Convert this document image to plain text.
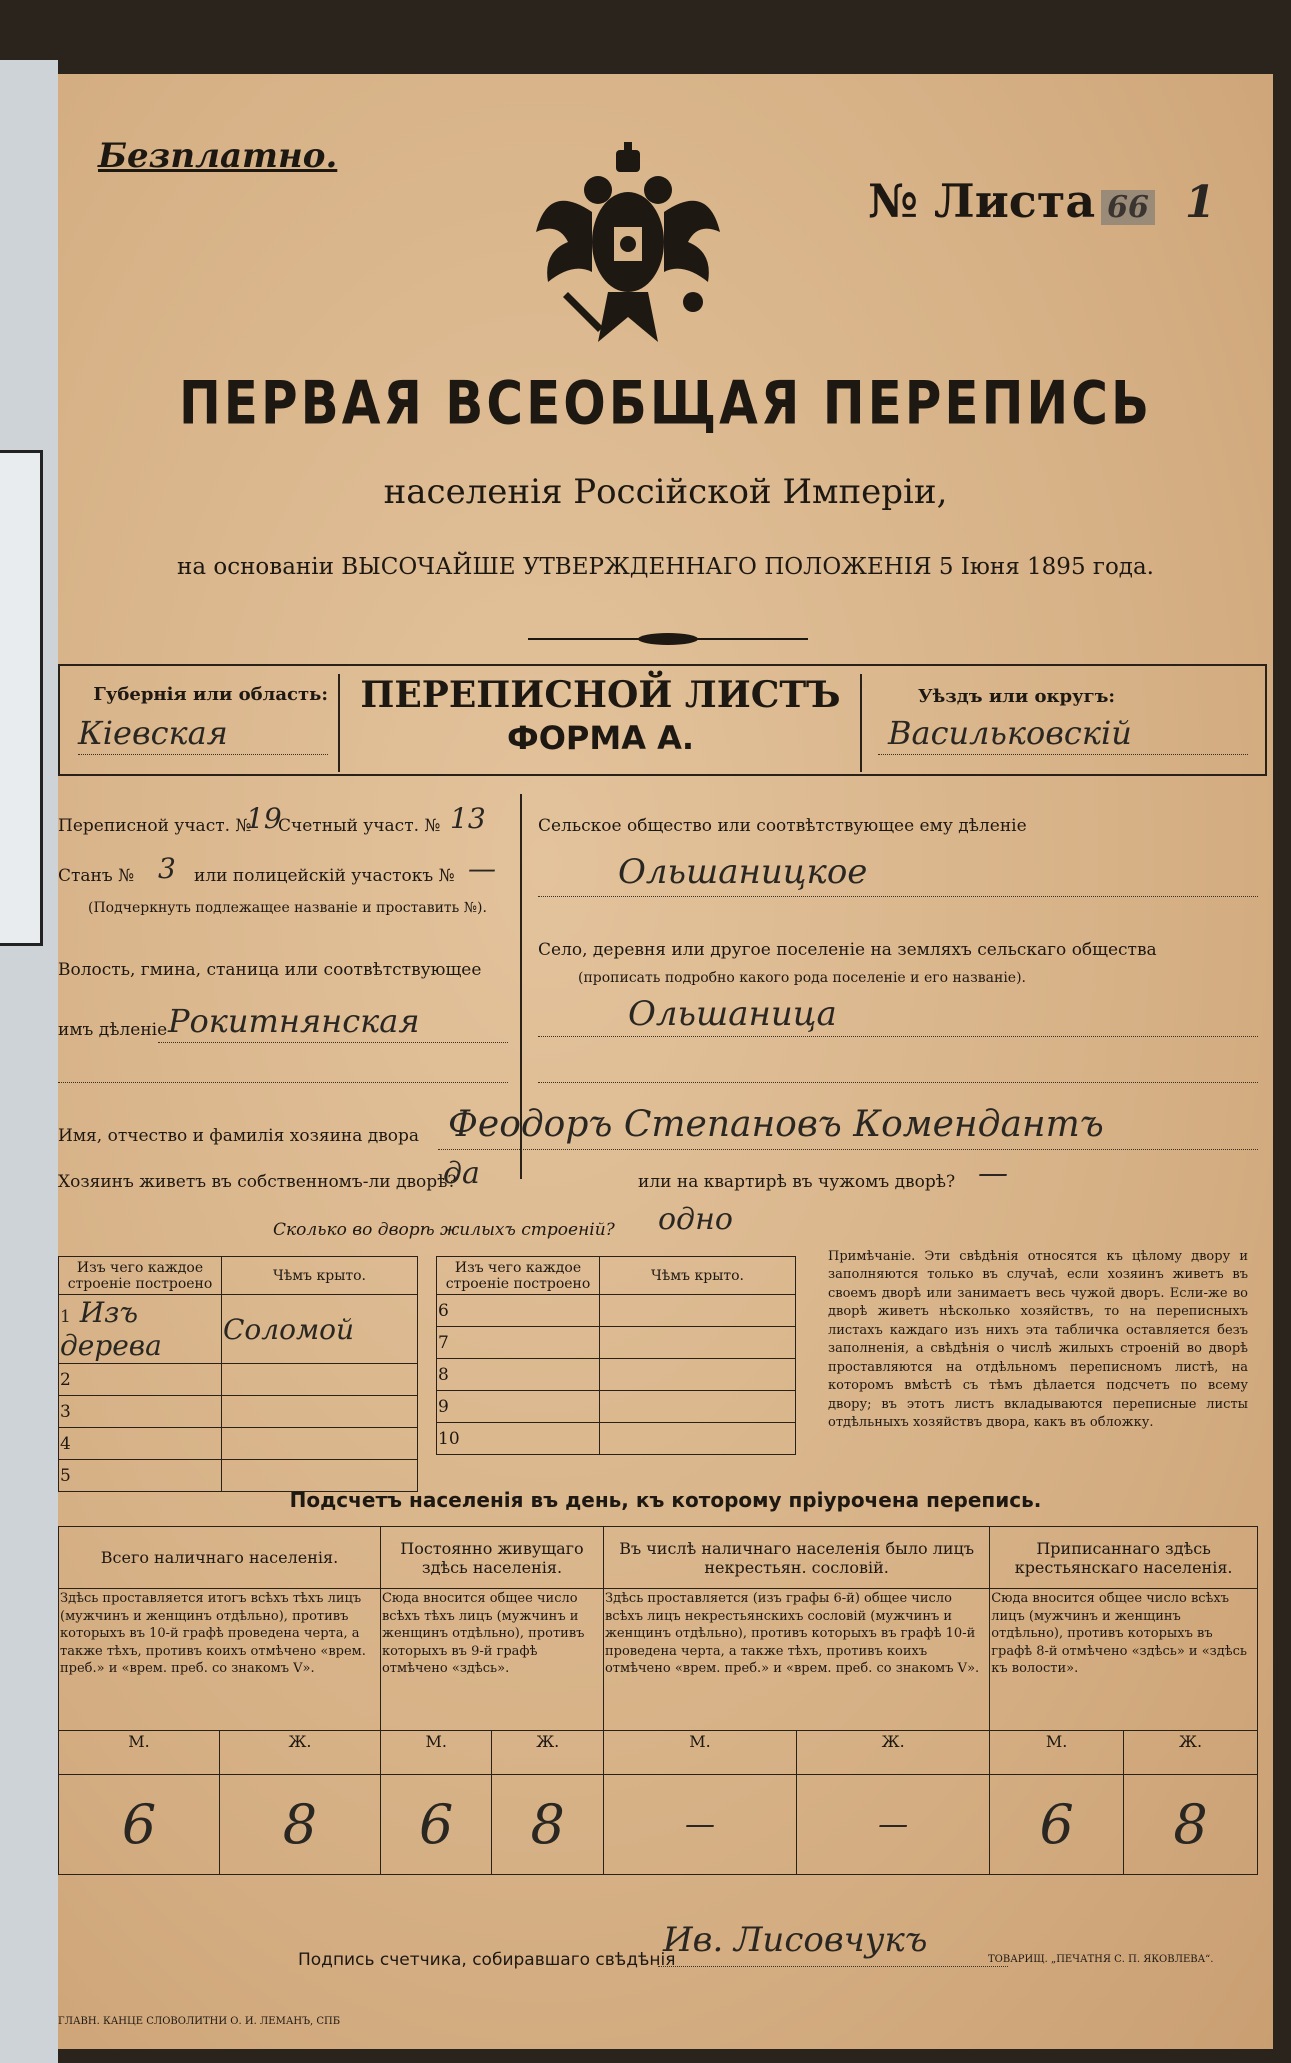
Безплатно.
№ Листа 66 1
ПЕРВАЯ ВСЕОБЩАЯ ПЕРЕПИСЬ
населенія Россійской Имперіи,
на основаніи ВЫСОЧАЙШЕ УТВЕРЖДЕННАГО ПОЛОЖЕНІЯ 5 Іюня 1895 года.
Губернія или область:
Кіевская
ПЕРЕПИСНОЙ ЛИСТЪ
ФОРМА А.
Уѣздъ или округъ:
Васильковскій
Переписной участ. №
19
Счетный участ. № 13
Станъ № 3 или полицейскій участокъ № —
(Подчеркнуть подлежащее названіе и проставить №).
Волость, гмина, станица или соотвѣтствующее
имъ дѣленіе Рокитнянская
Сельское общество или соотвѣтствующее ему дѣленіе
Ольшаницкое
Село, деревня или другое поселеніе на земляхъ сельскаго общества
(прописать подробно какого рода поселеніе и его названіе).
Ольшаница
Имя, отчество и фамилія хозяина двора Феодоръ Степановъ Комендантъ
Хозяинъ живетъ въ собственномъ-ли дворѣ?
да	или на квартирѣ въ чужомъ дворѣ? —
Сколько во дворѣ жилыхъ строеній? одно
Изъ чего каждое строеніе построено	Чѣмъ крыто.
1 Изъ дерева	Соломой
2	
3	
4	
5	
Изъ чего каждое строеніе построено	Чѣмъ крыто.
6	
7	
8	
9	
10	
Примѣчаніе. Эти свѣдѣнія относятся къ цѣлому двору и заполняются только въ случаѣ, если хозяинъ живетъ въ своемъ дворѣ или занимаетъ весь чужой дворъ. Если-же во дворѣ живетъ нѣсколько хозяйствъ, то на переписныхъ листахъ каждаго изъ нихъ эта табличка оставляется безъ заполненія, а свѣдѣнія о числѣ жилыхъ строеній во дворѣ проставляются на отдѣльномъ переписномъ листѣ, на которомъ вмѣстѣ съ тѣмъ дѣлается подсчетъ по всему двору; въ этотъ листъ вкладываются переписные листы отдѣльныхъ хозяйствъ двора, какъ въ обложку.
Подсчетъ населенія въ день, къ которому пріурочена перепись.
Всего наличнаго населенія.		Постоянно живущаго здѣсь населенія.		Въ числѣ наличнаго населенія было лицъ некрестьян. сословій.		Приписаннаго здѣсь крестьянскаго населенія.	
Здѣсь проставляется итогъ всѣхъ тѣхъ лицъ (мужчинъ и женщинъ отдѣльно), противъ которыхъ въ 10-й графѣ проведена черта, а также тѣхъ, противъ коихъ отмѣчено «врем. преб.» и «врем. преб. со знакомъ V».		Сюда вносится общее число всѣхъ тѣхъ лицъ (мужчинъ и женщинъ отдѣльно), противъ которыхъ въ 9-й графѣ отмѣчено «здѣсь».		Здѣсь проставляется (изъ графы 6-й) общее число всѣхъ лицъ некрестьянскихъ сословій (мужчинъ и женщинъ отдѣльно), противъ которыхъ въ графѣ 10-й проведена черта, а также тѣхъ, противъ коихъ отмѣчено «врем. преб.» и «врем. преб. со знакомъ V».		Сюда вносится общее число всѣхъ лицъ (мужчинъ и женщинъ отдѣльно), противъ которыхъ въ графѣ 8-й отмѣчено «здѣсь» и «здѣсь къ волости».	
М.	Ж.	М.	Ж.	М.	Ж.	М.	Ж.
6	8	6	8	—	—	6	8
Подпись счетчика, собиравшаго свѣдѣнія
Ив. Лисовчукъ
ГЛАВН. КАНЦЕ СЛОВОЛИТНИ О. И. ЛЕМАНЪ, СПБ
ТОВАРИЩ. „ПЕЧАТНЯ С. П. ЯКОВЛЕВА“.
